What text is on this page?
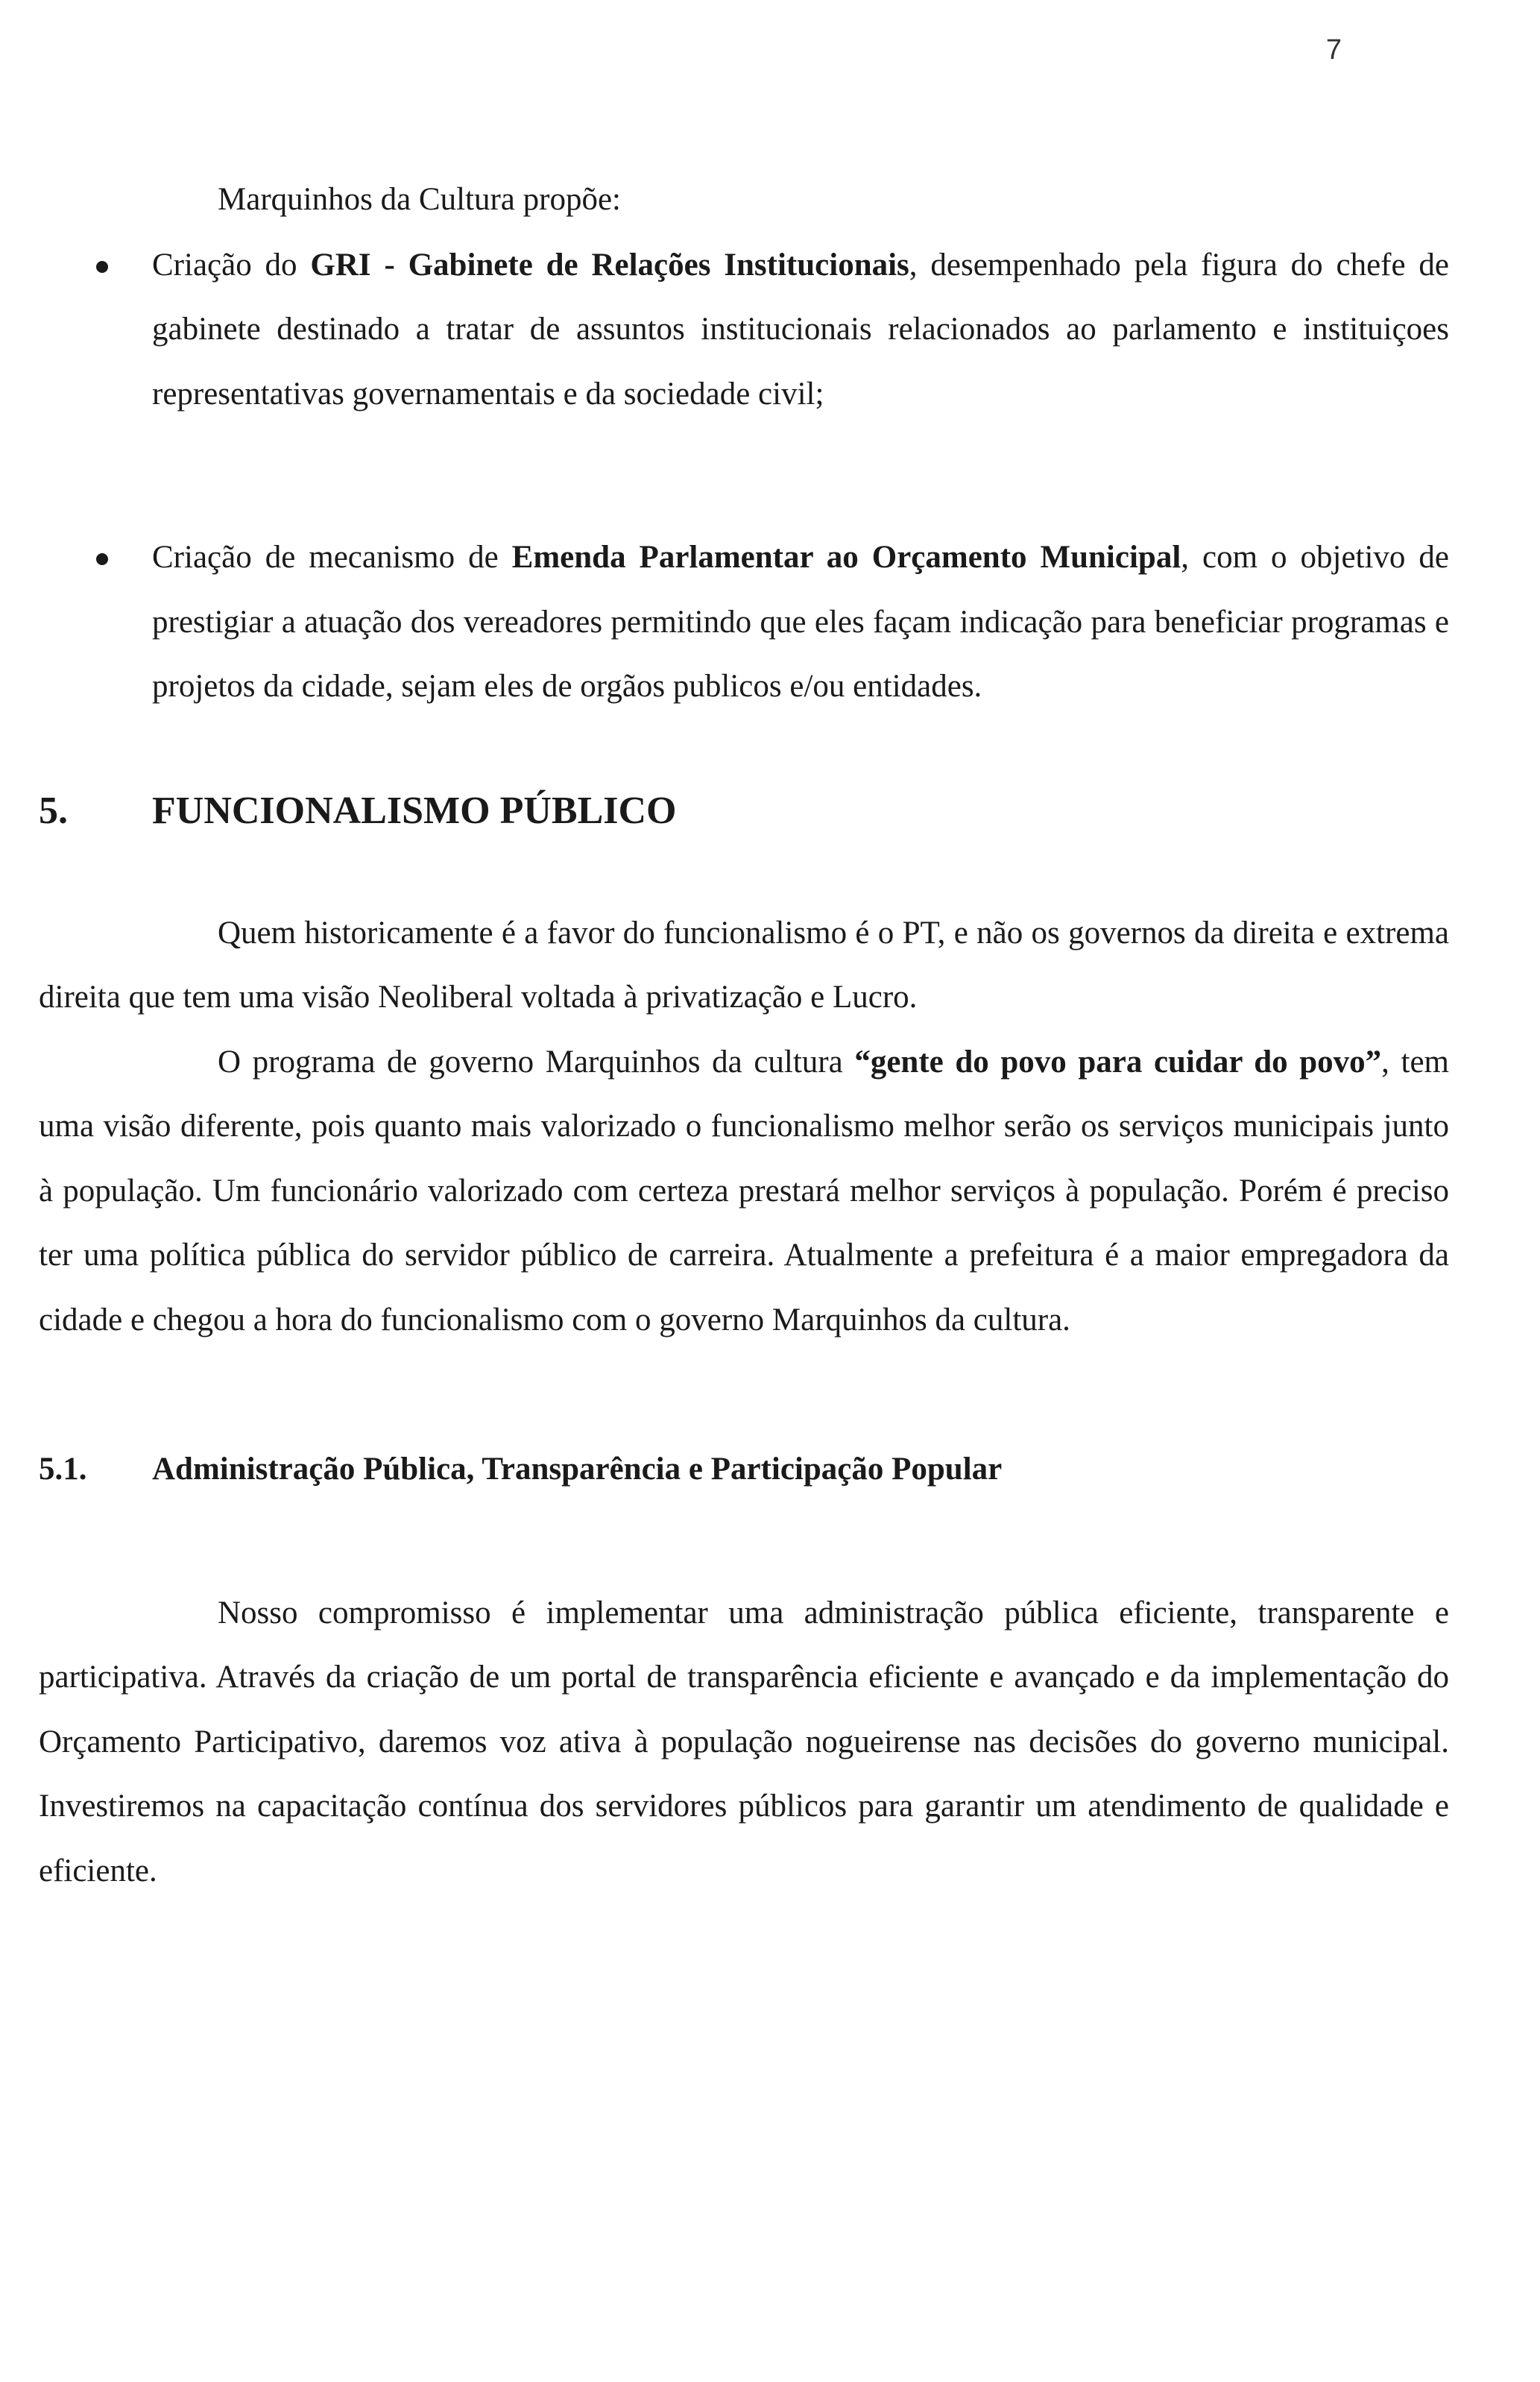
7

Marquinhos da Cultura propõe:

Criação do GRI - Gabinete de Relações Institucionais, desempenhado pela figura do chefe de gabinete destinado a tratar de assuntos institucionais relacionados ao parlamento e instituiçoes representativas governamentais e da sociedade civil;
Criação de mecanismo de Emenda Parlamentar ao Orçamento Municipal, com o objetivo de prestigiar a atuação dos vereadores permitindo que eles façam indicação para beneficiar programas e projetos da cidade, sejam eles de orgãos publicos e/ou entidades.
5. FUNCIONALISMO PÚBLICO

Quem historicamente é a favor do funcionalismo é o PT, e não os governos da direita e extrema direita que tem uma visão Neoliberal voltada à privatização e Lucro.

O programa de governo Marquinhos da cultura “gente do povo para cuidar do povo”, tem uma visão diferente, pois quanto mais valorizado o funcionalismo melhor serão os serviços municipais junto à população. Um funcionário valorizado com certeza prestará melhor serviços à população. Porém é preciso ter uma política pública do servidor público de carreira. Atualmente a prefeitura é a maior empregadora da cidade e chegou a hora do funcionalismo com o governo Marquinhos da cultura.

5.1. Administração Pública, Transparência e Participação Popular

Nosso compromisso é implementar uma administração pública eficiente, transparente e participativa. Através da criação de um portal de transparência eficiente e avançado e da implementação do Orçamento Participativo, daremos voz ativa à população nogueirense nas decisões do governo municipal. Investiremos na capacitação contínua dos servidores públicos para garantir um atendimento de qualidade e eficiente.
